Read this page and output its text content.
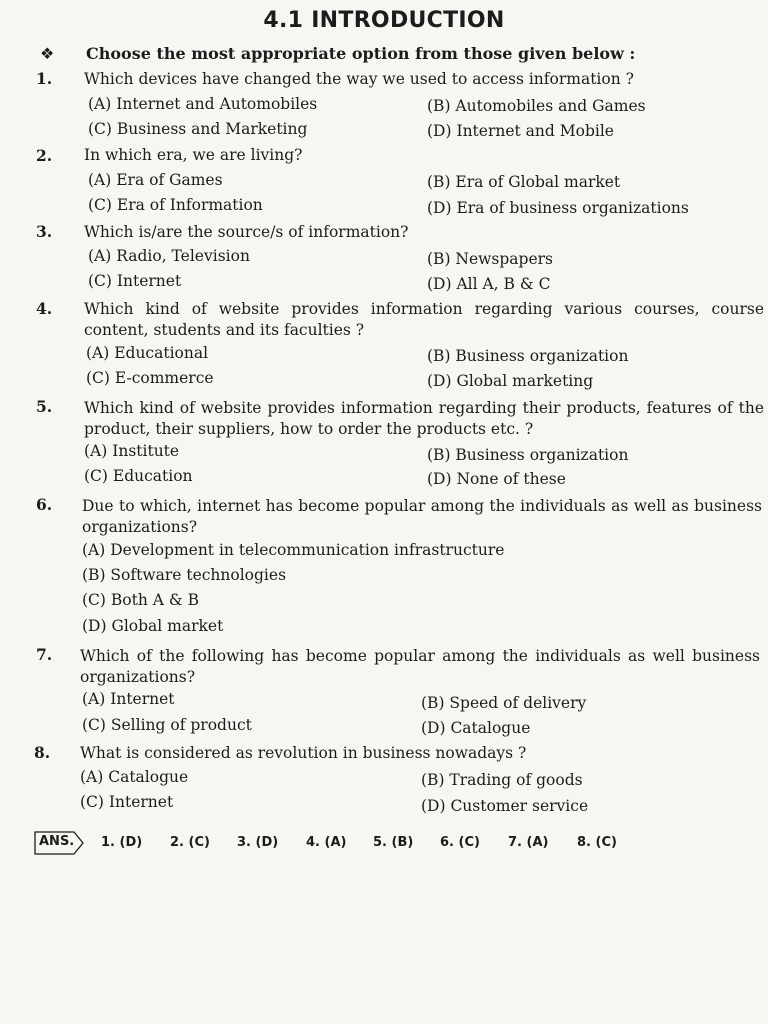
4.1 INTRODUCTION
❖ Choose the most appropriate option from those given below :
1. Which devices have changed the way we used to access information ?
(A) Internet and Automobiles	(B) Automobiles and Games
(C) Business and Marketing	(D) Internet and Mobile
2. In which era, we are living?
(A) Era of Games	(B) Era of Global market
(C) Era of Information	(D) Era of business organizations
3. Which is/are the source/s of information?
(A) Radio, Television	(B) Newspapers
(C) Internet	(D) All A, B & C
4. Which kind of website provides information regarding various courses, course content, students and its faculties ?
(A) Educational	(B) Business organization
(C) E-commerce	(D) Global marketing
5. Which kind of website provides information regarding their products, features of the product, their suppliers, how to order the products etc. ?
(A) Institute	(B) Business organization
(C) Education	(D) None of these
6. Due to which, internet has become popular among the individuals as well as business organizations?
(A) Development in telecommunication infrastructure
(B) Software technologies
(C) Both A & B
(D) Global market
7. Which of the following has become popular among the individuals as well business organizations?
(A) Internet	(B) Speed of delivery
(C) Selling of product	(D) Catalogue
8. What is considered as revolution in business nowadays ?
(A) Catalogue	(B) Trading of goods
(C) Internet	(D) Customer service
ANS. 1. (D) 2. (C) 3. (D) 4. (A) 5. (B) 6. (C) 7. (A) 8. (C)
